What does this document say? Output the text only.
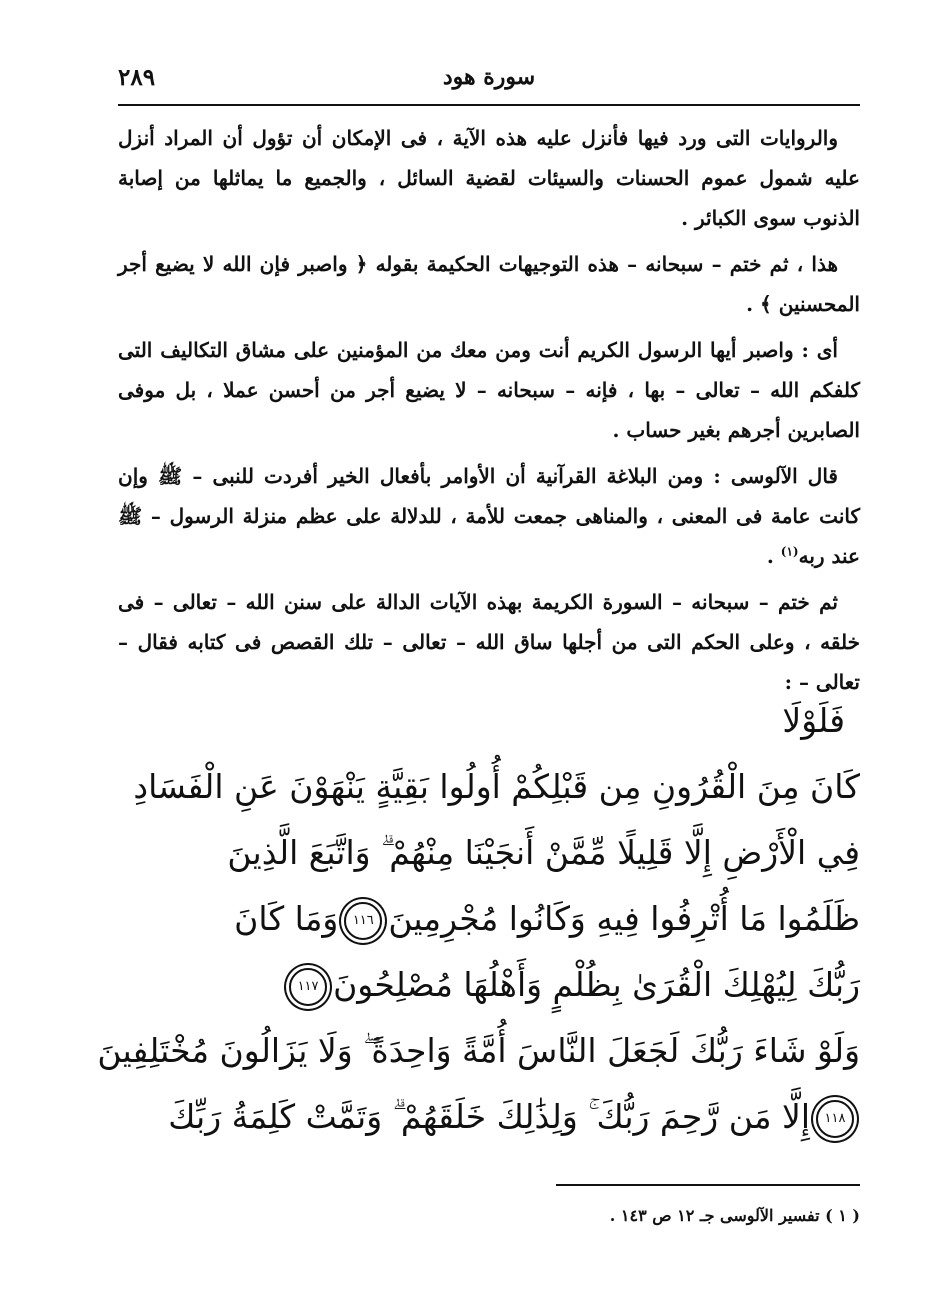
٢٨٩	سورة هود

والروايات التى ورد فيها فأنزل عليه هذه الآية ، فى الإمكان أن تؤول أن المراد أنزل عليه شمول عموم الحسنات والسيئات لقضية السائل ، والجميع ما يماثلها من إصابة الذنوب سوى الكبائر .

هذا ، ثم ختم – سبحانه – هذه التوجيهات الحكيمة بقوله ﴿ واصبر فإن الله لا يضيع أجر المحسنين ﴾ .

أى : واصبر أيها الرسول الكريم أنت ومن معك من المؤمنين على مشاق التكاليف التى كلفكم الله – تعالى – بها ، فإنه – سبحانه – لا يضيع أجر من أحسن عملا ، بل موفى الصابرين أجرهم بغير حساب .

قال الآلوسى : ومن البلاغة القرآنية أن الأوامر بأفعال الخير أفردت للنبى – ﷺ وإن كانت عامة فى المعنى ، والمناهى جمعت للأمة ، للدلالة على عظم منزلة الرسول – ﷺ عند ربه$^{(١)}$ .

ثم ختم – سبحانه – السورة الكريمة بهذه الآيات الدالة على سنن الله – تعالى – فى خلقه ، وعلى الحكم التى من أجلها ساق الله – تعالى – تلك القصص فى كتابه فقال – تعالى – :

فَلَوْلَا

كَانَ مِنَ الْقُرُونِ مِن قَبْلِكُمْ أُولُوا بَقِيَّةٍ يَنْهَوْنَ عَنِ الْفَسَادِ

فِي الْأَرْضِ إِلَّا قَلِيلًا مِّمَّنْ أَنجَيْنَا مِنْهُمْ ۗ وَاتَّبَعَ الَّذِينَ

ظَلَمُوا مَا أُتْرِفُوا فِيهِ وَكَانُوا مُجْرِمِينَ١١٦وَمَا كَانَ

رَبُّكَ لِيُهْلِكَ الْقُرَىٰ بِظُلْمٍ وَأَهْلُهَا مُصْلِحُونَ١١٧

وَلَوْ شَاءَ رَبُّكَ لَجَعَلَ النَّاسَ أُمَّةً وَاحِدَةً ۖ وَلَا يَزَالُونَ مُخْتَلِفِينَ

١١٨إِلَّا مَن رَّحِمَ رَبُّكَ ۚ وَلِذَٰلِكَ خَلَقَهُمْ ۗ وَتَمَّتْ كَلِمَةُ رَبِّكَ

( ١ ) تفسير الآلوسى جـ ١٢ ص ١٤٣ .
